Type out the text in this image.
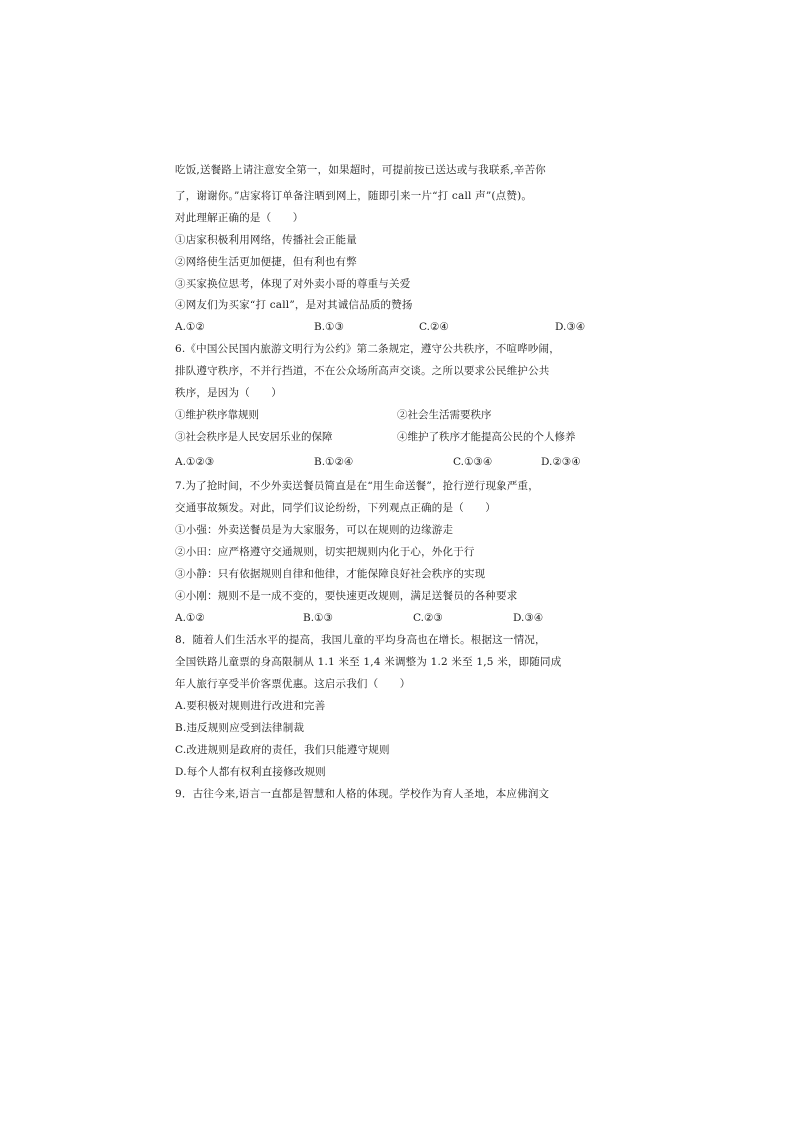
吃饭,送餐路上请注意安全第一，如果超时，可提前按已送达或与我联系,辛苦你
了，谢谢你。”店家将订单备注晒到网上，随即引来一片“打 call 声”(点赞)。
对此理解正确的是（　　）
①店家积极利用网络，传播社会正能量
②网络使生活更加便捷，但有利也有弊
③买家换位思考，体现了对外卖小哥的尊重与关爱
④网友们为买家“打 call”，是对其诚信品质的赞扬
A.①②	B.①③	C.②④	D.③④
6.《中国公民国内旅游文明行为公约》第二条规定，遵守公共秩序，不喧哗吵闹，
排队遵守秩序，不并行挡道，不在公众场所高声交谈。之所以要求公民维护公共
秩序，是因为（　　）
①维护秩序靠规则	②社会生活需要秩序
③社会秩序是人民安居乐业的保障	④维护了秩序才能提高公民的个人修养
A.①②③	B.①②④	C.①③④	D.②③④
7.为了抢时间，不少外卖送餐员简直是在“用生命送餐”，抢行逆行现象严重，
交通事故频发。对此，同学们议论纷纷，下列观点正确的是（　　）
①小强：外卖送餐员是为大家服务，可以在规则的边缘游走
②小田：应严格遵守交通规则，切实把规则内化于心，外化于行
③小静：只有依据规则自律和他律，才能保障良好社会秩序的实现
④小刚：规则不是一成不变的，要快速更改规则，满足送餐员的各种要求
A.①②	B.①③	C.②③	D.③④
8．随着人们生活水平的提高，我国儿童的平均身高也在增长。根据这一情况，
全国铁路儿童票的身高限制从 1.1 米至 1,4 米调整为 1.2 米至 1,5 米，即随同成
年人旅行享受半价客票优惠。这启示我们（　　）
A.要积极对规则进行改进和完善
B.违反规则应受到法律制裁
C.改进规则是政府的责任，我们只能遵守规则
D.每个人都有权利直接修改规则
9．古往今来,语言一直都是智慧和人格的体现。学校作为育人圣地，本应佛润文
